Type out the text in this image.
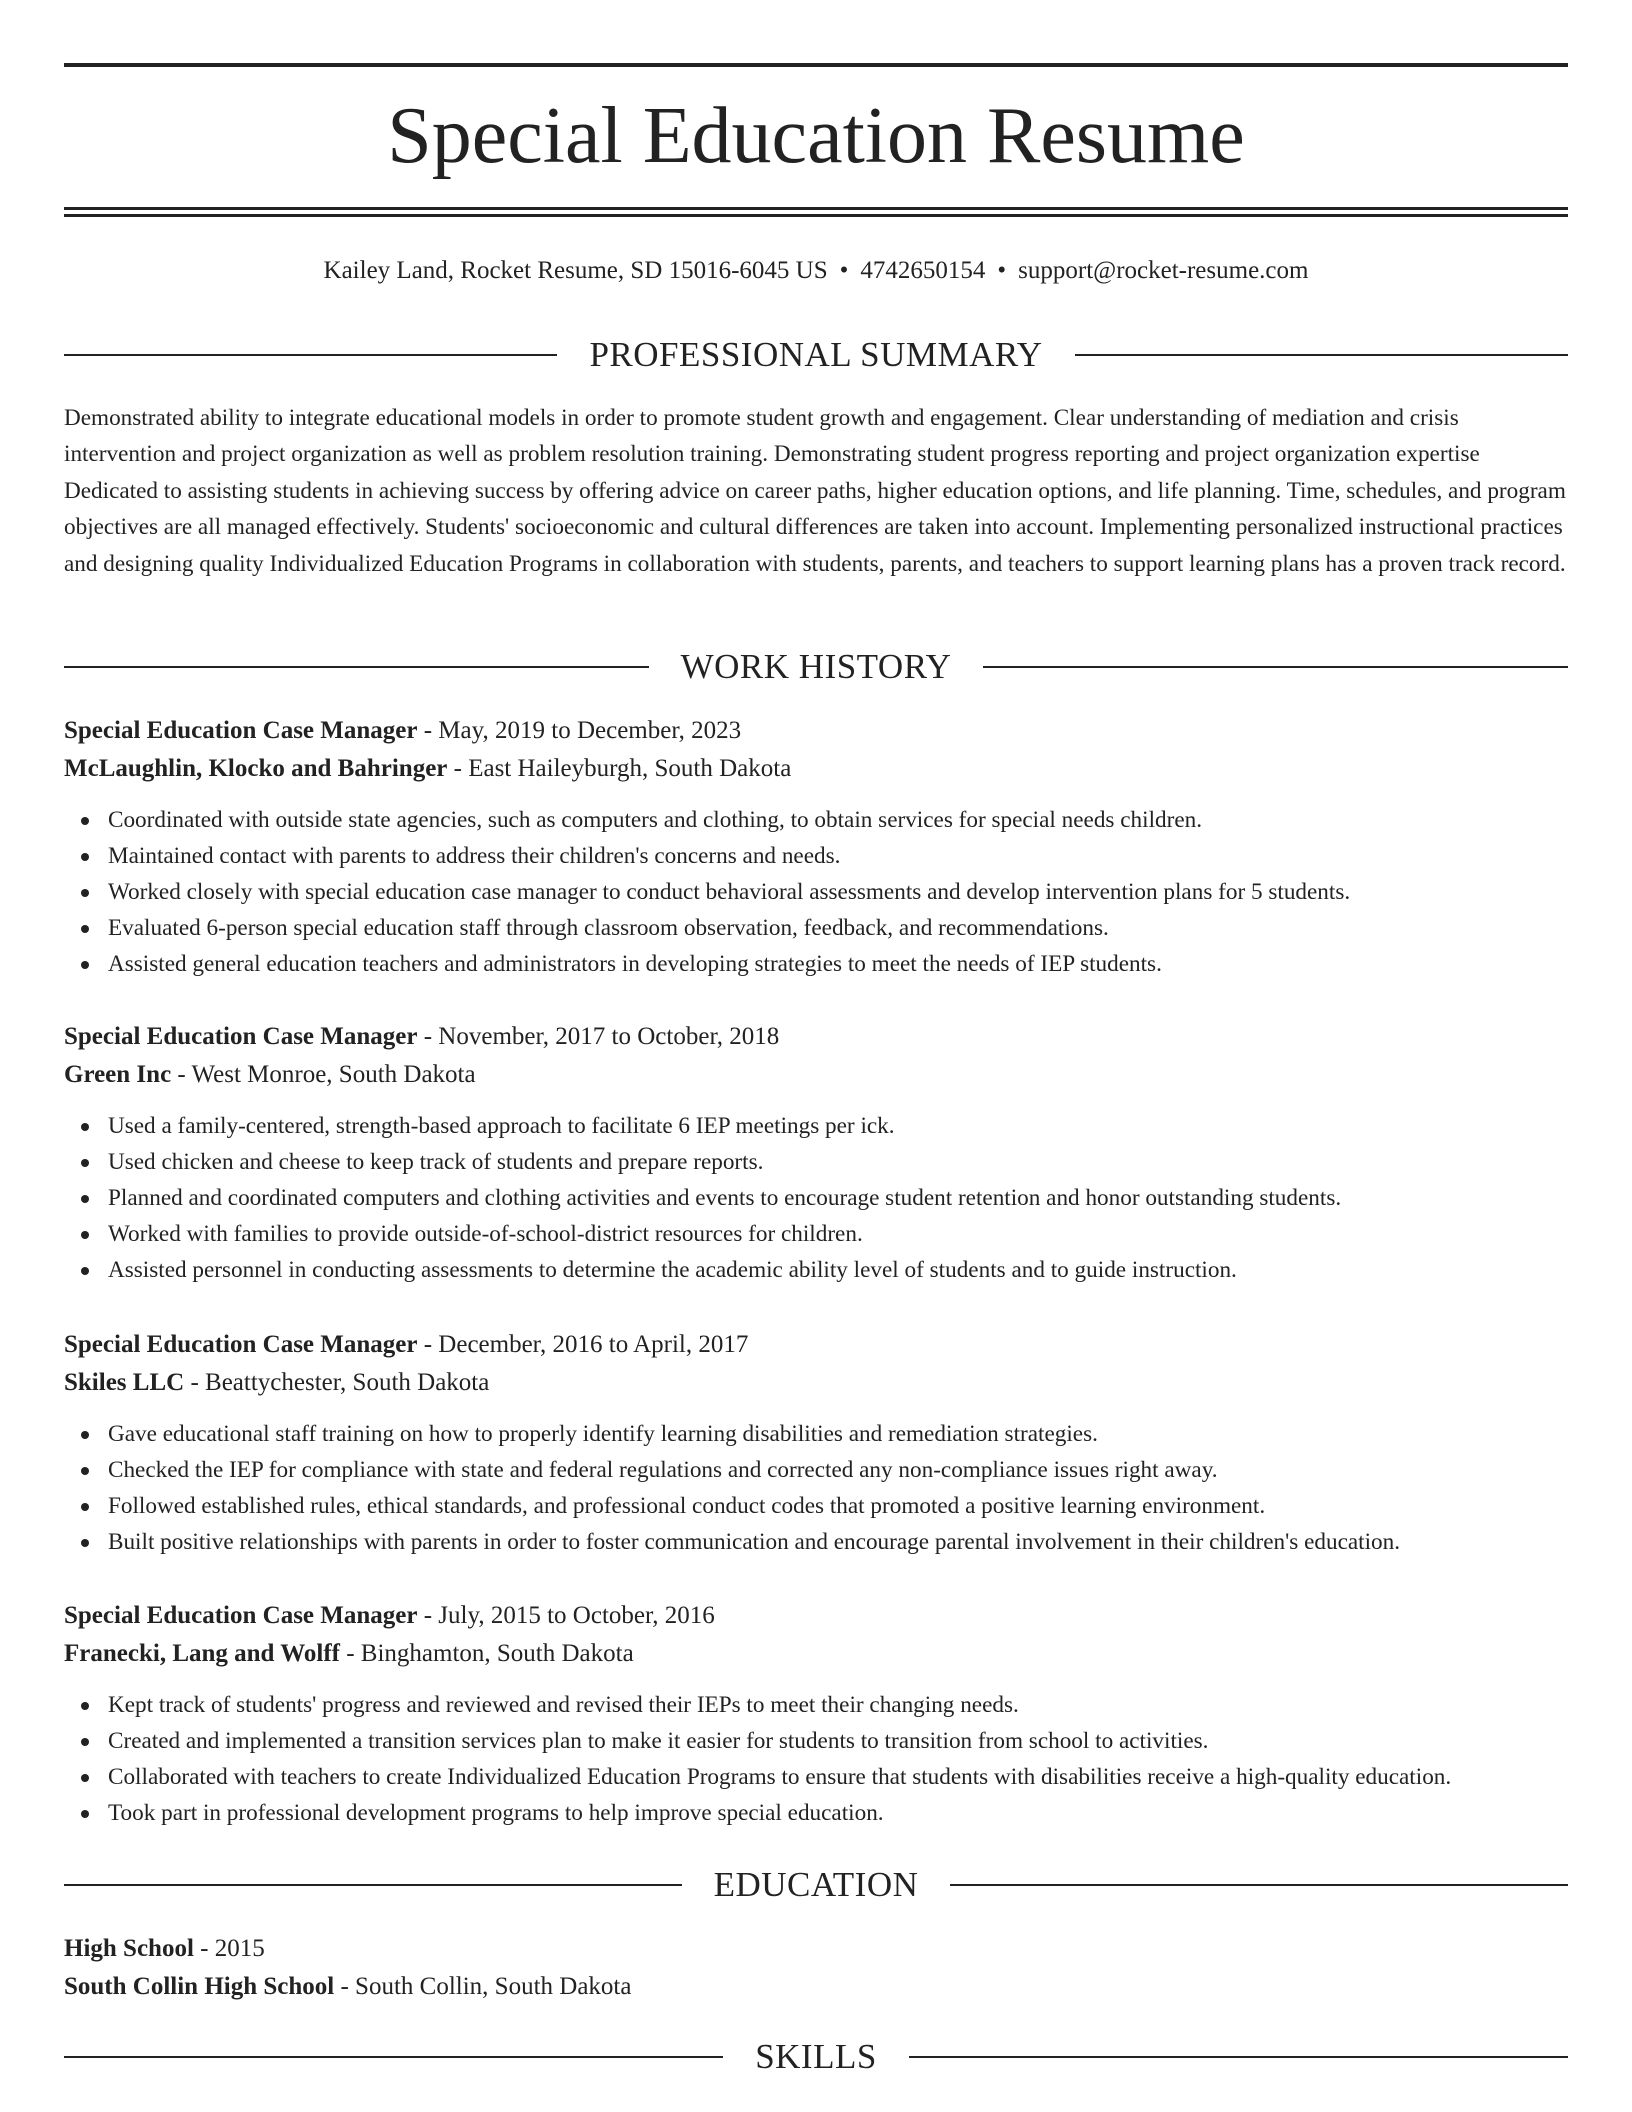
Special Education Resume
Kailey Land, Rocket Resume, SD 15016-6045 US • 4742650154 • support@rocket-resume.com
PROFESSIONAL SUMMARY

Demonstrated ability to integrate educational models in order to promote student growth and engagement. Clear understanding of mediation and crisis intervention and project organization as well as problem resolution training. Demonstrating student progress reporting and project organization expertise Dedicated to assisting students in achieving success by offering advice on career paths, higher education options, and life planning. Time, schedules, and program objectives are all managed effectively. Students' socioeconomic and cultural differences are taken into account. Implementing personalized instructional practices and designing quality Individualized Education Programs in collaboration with students, parents, and teachers to support learning plans has a proven track record.

WORK HISTORY
Special Education Case Manager - May, 2019 to December, 2023
McLaughlin, Klocko and Bahringer - East Haileyburgh, South Dakota
Coordinated with outside state agencies, such as computers and clothing, to obtain services for special needs children.
Maintained contact with parents to address their children's concerns and needs.
Worked closely with special education case manager to conduct behavioral assessments and develop intervention plans for 5 students.
Evaluated 6-person special education staff through classroom observation, feedback, and recommendations.
Assisted general education teachers and administrators in developing strategies to meet the needs of IEP students.
Special Education Case Manager - November, 2017 to October, 2018
Green Inc - West Monroe, South Dakota
Used a family-centered, strength-based approach to facilitate 6 IEP meetings per ick.
Used chicken and cheese to keep track of students and prepare reports.
Planned and coordinated computers and clothing activities and events to encourage student retention and honor outstanding students.
Worked with families to provide outside-of-school-district resources for children.
Assisted personnel in conducting assessments to determine the academic ability level of students and to guide instruction.
Special Education Case Manager - December, 2016 to April, 2017
Skiles LLC - Beattychester, South Dakota
Gave educational staff training on how to properly identify learning disabilities and remediation strategies.
Checked the IEP for compliance with state and federal regulations and corrected any non-compliance issues right away.
Followed established rules, ethical standards, and professional conduct codes that promoted a positive learning environment.
Built positive relationships with parents in order to foster communication and encourage parental involvement in their children's education.
Special Education Case Manager - July, 2015 to October, 2016
Franecki, Lang and Wolff - Binghamton, South Dakota
Kept track of students' progress and reviewed and revised their IEPs to meet their changing needs.
Created and implemented a transition services plan to make it easier for students to transition from school to activities.
Collaborated with teachers to create Individualized Education Programs to ensure that students with disabilities receive a high-quality education.
Took part in professional development programs to help improve special education.
EDUCATION
High School - 2015
South Collin High School - South Collin, South Dakota
SKILLS
